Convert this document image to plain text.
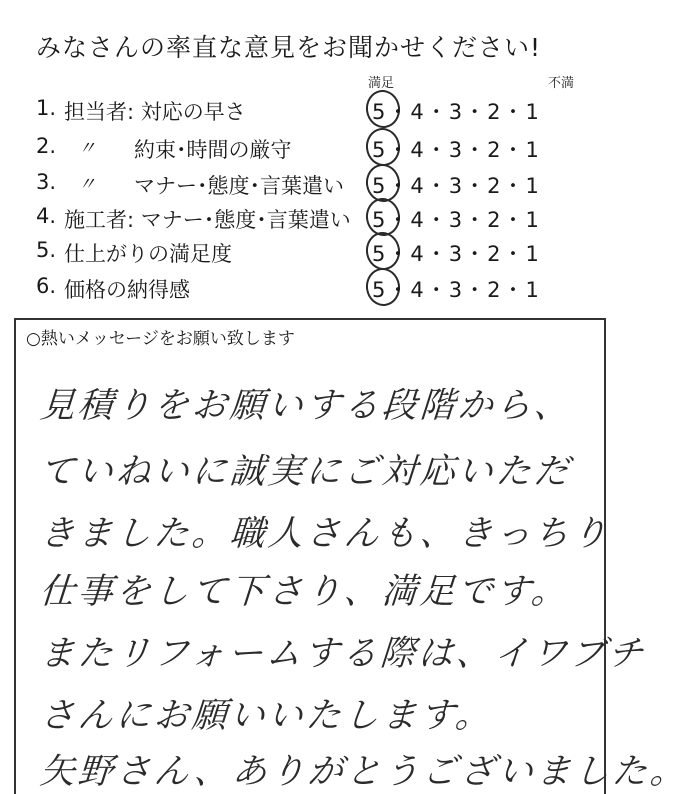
みなさんの率直な意見をお聞かせください!
満足	不満
1. 担当者: 対応の早さ	5・4・3・2・1
2. 〃 約束･時間の厳守	5・4・3・2・1
3. 〃 マナー･態度･言葉遣い 5・4・3・2・1
4. 施工者: マナー･態度･言葉遣い 5・4・3・2・1
5. 仕上がりの満足度	5・4・3・2・1
6. 価格の納得感	5・4・3・2・1
○熱いメッセージをお願い致します
見積りをお願いする段階から、
ていねいに誠実にご対応いただ
きました。職人さんも、きっちり
仕事をして下さり、満足です。
またリフォームする際は、イワブチ
さんにお願いいたします。
矢野さん、ありがとうございました。
